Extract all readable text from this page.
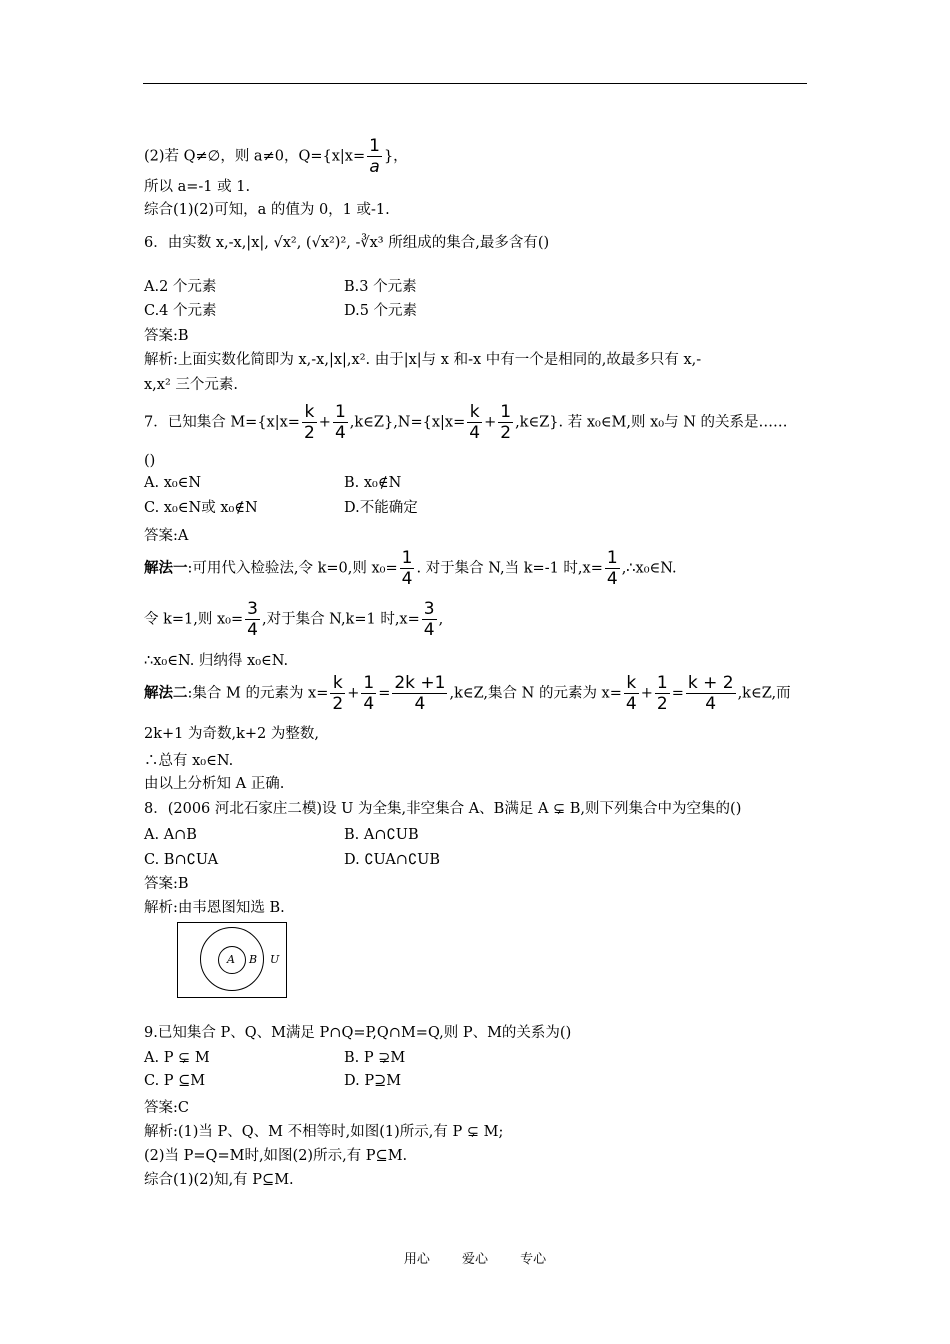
(2)若 Q≠∅，则 a≠0，$Q=\{x|x= \frac{1}{a}$ }，
所以 a=-1 或 1.
综合(1)(2)可知，a 的值为 0，1 或-1.
6．由实数 x,-x,|x|, √x², (√x²)², -∛x³ 所组成的集合,最多含有()
A.2 个元素	B.3 个元素
C.4 个元素	D.5 个元素
答案:B
解析:上面实数化简即为 x,-x,|x|,x². 由于|x|与 x 和-x 中有一个是相同的,故最多只有 x,-
x,x² 三个元素.
7．已知集合 $M=\{x|x= \frac{k}{2} + \frac{1}{4}$ ,k∈Z},N={x|x= $\frac{k}{4} + \frac{1}{2}$ ,k∈Z}. 若 x₀∈M,则 x₀与 N 的关系是……
()
A. x₀∈N	B. x₀∉N
C. x₀∈N或 x₀∉N	D.不能确定
答案:A
解法一:可用代入检验法,令 k=0,则 $x_0= \frac{1}{4}$ . 对于集合 N,当 k=-1 时$,x= \frac{1}{4}$ ,∴x₀∈N.
令 k=1,则 $x_0= \frac{3}{4}$ ,对于集合 N,k=1 时$,x= \frac{3}{4}$ ,
∴x₀∈N. 归纳得 x₀∈N.
解法二:集合 M 的元素为 $x= \frac{k}{2} + \frac{1}{4} = \frac{2k +1}{4}$ ,k∈Z,集合 N 的元素为 $x= \frac{k}{4} + \frac{1}{2} = \frac{k + 2}{4}$ ,k∈Z,而
2k+1 为奇数,k+2 为整数,
∴总有 x₀∈N.
由以上分析知 A 正确.
8．(2006 河北石家庄二模)设 U 为全集,非空集合 A、B满足 A ⊊ B,则下列集合中为空集的()
A. A∩B	B. A∩∁UB
C. B∩∁UA	D. ∁UA∩∁UB
答案:B
解析:由韦恩图知选 B.
A B U
9.已知集合 P、Q、M满足 P∩Q=P,Q∩M=Q,则 P、M的关系为()
A. P ⊊ M	B. P ⊋M
C. P ⊆M	D. P⊇M
答案:C
解析:(1)当 P、Q、M 不相等时,如图(1)所示,有 P ⊊ M;
(2)当 P=Q=M时,如图(2)所示,有 P⊆M.
综合(1)(2)知,有 P⊆M.
用心 爱心 专心
